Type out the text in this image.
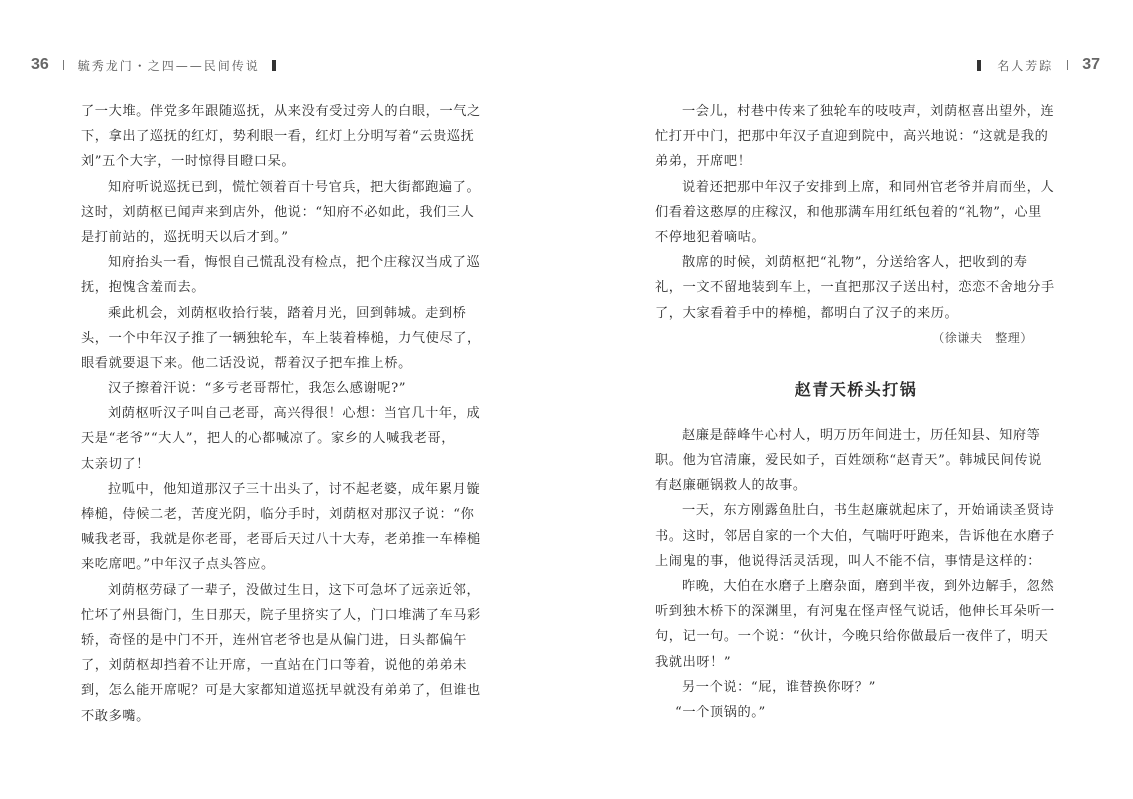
36 毓秀龙门・之四——民间传说
了一大堆。伴党多年跟随巡抚，从来没有受过旁人的白眼，一气之
下，拿出了巡抚的红灯，势利眼一看，红灯上分明写着“云贵巡抚
刘”五个大字，一时惊得目瞪口呆。
知府听说巡抚已到，慌忙领着百十号官兵，把大街都跑遍了。
这时，刘荫枢已闻声来到店外，他说：“知府不必如此，我们三人
是打前站的，巡抚明天以后才到。”
知府抬头一看，悔恨自己慌乱没有检点，把个庄稼汉当成了巡
抚，抱愧含羞而去。
乘此机会，刘荫枢收拾行装，踏着月光，回到韩城。走到桥
头，一个中年汉子推了一辆独轮车，车上装着棒槌，力气使尽了，
眼看就要退下来。他二话没说，帮着汉子把车推上桥。
汉子擦着汗说：“多亏老哥帮忙，我怎么感谢呢?”
刘荫枢听汉子叫自己老哥，高兴得很！心想：当官几十年，成
天是“老爷”“大人”，把人的心都喊凉了。家乡的人喊我老哥，
太亲切了！
拉呱中，他知道那汉子三十出头了，讨不起老婆，成年累月镟
棒槌，侍候二老，苦度光阴，临分手时，刘荫枢对那汉子说：“你
喊我老哥，我就是你老哥，老哥后天过八十大寿，老弟推一车棒槌
来吃席吧。”中年汉子点头答应。
刘荫枢劳碌了一辈子，没做过生日，这下可急坏了远亲近邻，
忙坏了州县衙门，生日那天，院子里挤实了人，门口堆满了车马彩
轿，奇怪的是中门不开，连州官老爷也是从偏门进，日头都偏午
了，刘荫枢却挡着不让开席，一直站在门口等着，说他的弟弟未
到，怎么能开席呢？可是大家都知道巡抚早就没有弟弟了，但谁也
不敢多嘴。
名人芳踪 37
一会儿，村巷中传来了独轮车的吱吱声，刘荫枢喜出望外，连
忙打开中门，把那中年汉子直迎到院中，高兴地说：“这就是我的
弟弟，开席吧！
说着还把那中年汉子安排到上席，和同州官老爷并肩而坐，人
们看着这憨厚的庄稼汉，和他那满车用红纸包着的“礼物”，心里
不停地犯着嘀咕。
散席的时候，刘荫枢把“礼物”，分送给客人，把收到的寿
礼，一文不留地装到车上，一直把那汉子送出村，恋恋不舍地分手
了，大家看着手中的棒槌，都明白了汉子的来历。
（徐谦夫　整理）
赵青天桥头打锅
赵廉是薛峰牛心村人，明万历年间进士，历任知县、知府等
职。他为官清廉，爱民如子，百姓颂称“赵青天”。韩城民间传说
有赵廉砸锅救人的故事。
一天，东方刚露鱼肚白，书生赵廉就起床了，开始诵读圣贤诗
书。这时，邻居自家的一个大伯，气喘吁吁跑来，告诉他在水磨子
上闹鬼的事，他说得活灵活现，叫人不能不信，事情是这样的：
昨晚，大伯在水磨子上磨杂面，磨到半夜，到外边解手，忽然
听到独木桥下的深渊里，有河鬼在怪声怪气说话，他伸长耳朵听一
句，记一句。一个说：“伙计，今晚只给你做最后一夜伴了，明天
我就出呀！”
另一个说：“屁，谁替换你呀？”
“一个顶锅的。”
